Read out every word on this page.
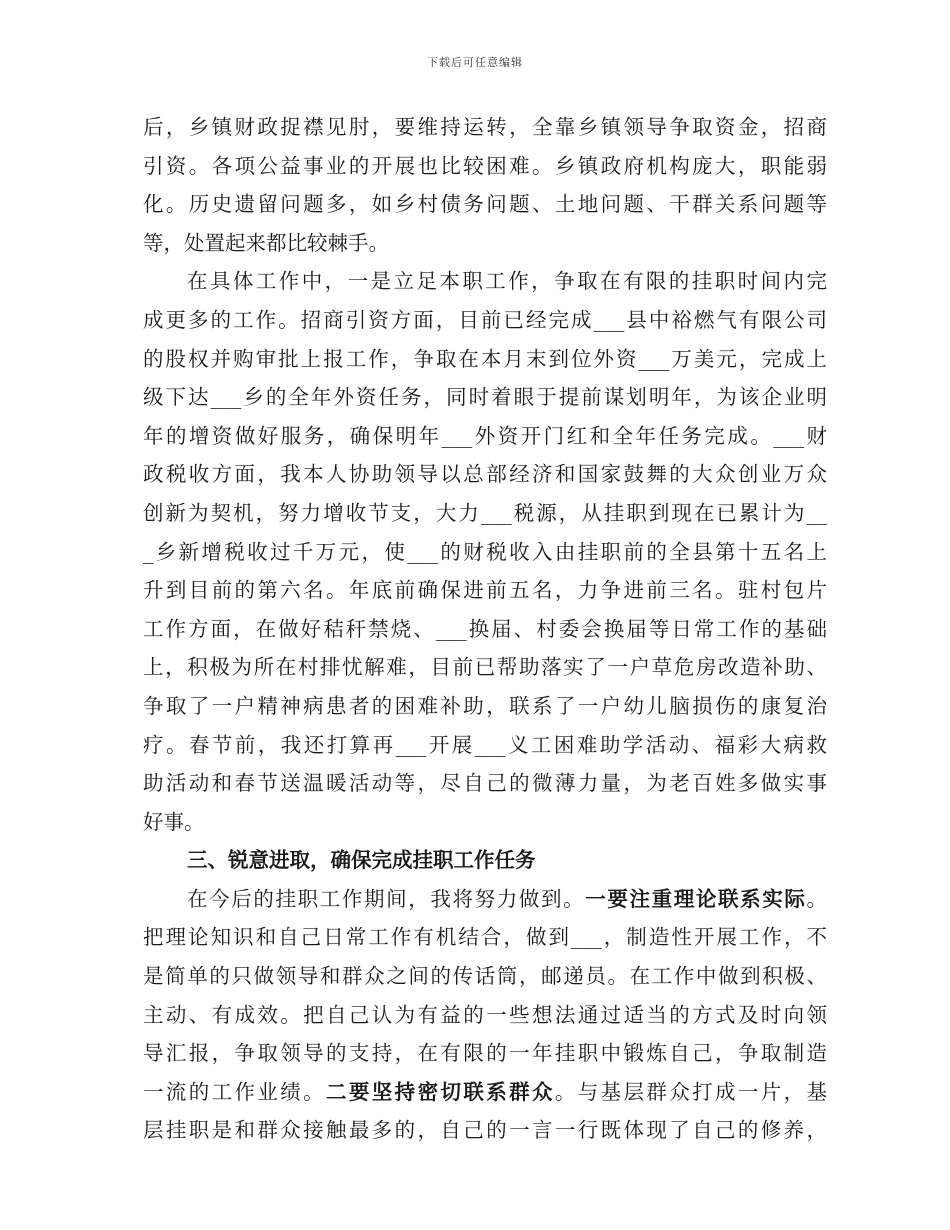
下载后可任意编辑
后，乡镇财政捉襟见肘，要维持运转，全靠乡镇领导争取资金，招商
引资。各项公益事业的开展也比较困难。乡镇政府机构庞大，职能弱
化。历史遗留问题多，如乡村债务问题、土地问题、干群关系问题等
等，处置起来都比较棘手。
在具体工作中，一是立足本职工作，争取在有限的挂职时间内完
成更多的工作。招商引资方面，目前已经完成___县中裕燃气有限公司
的股权并购审批上报工作，争取在本月末到位外资___万美元，完成上
级下达___乡的全年外资任务，同时着眼于提前谋划明年，为该企业明
年的增资做好服务，确保明年___外资开门红和全年任务完成。___财
政税收方面，我本人协助领导以总部经济和国家鼓舞的大众创业万众
创新为契机，努力增收节支，大力___税源，从挂职到现在已累计为__
_乡新增税收过千万元，使___的财税收入由挂职前的全县第十五名上
升到目前的第六名。年底前确保进前五名，力争进前三名。驻村包片
工作方面，在做好秸秆禁烧、___换届、村委会换届等日常工作的基础
上，积极为所在村排忧解难，目前已帮助落实了一户草危房改造补助、
争取了一户精神病患者的困难补助，联系了一户幼儿脑损伤的康复治
疗。春节前，我还打算再___开展___义工困难助学活动、福彩大病救
助活动和春节送温暖活动等，尽自己的微薄力量，为老百姓多做实事
好事。
三、锐意进取，确保完成挂职工作任务
在今后的挂职工作期间，我将努力做到。一要注重理论联系实际。
把理论知识和自己日常工作有机结合，做到___，制造性开展工作，不
是简单的只做领导和群众之间的传话筒，邮递员。在工作中做到积极、
主动、有成效。把自己认为有益的一些想法通过适当的方式及时向领
导汇报，争取领导的支持，在有限的一年挂职中锻炼自己，争取制造
一流的工作业绩。二要坚持密切联系群众。与基层群众打成一片，基
层挂职是和群众接触最多的，自己的一言一行既体现了自己的修养，
